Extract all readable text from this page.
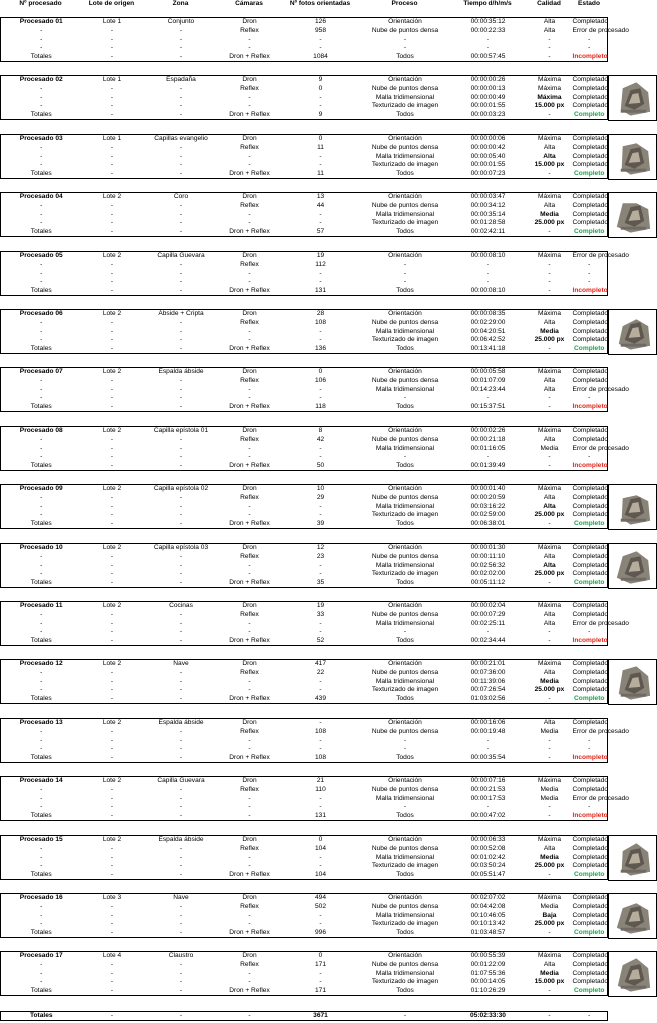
Nº procesado	Lote de origen	Zona	Cámaras	Nº fotos orientadas	Proceso	Tiempo d/h/m/s	Calidad	Estado
Procesado 01	Lote 1	Conjunto	Dron	126	Orientación	00:00:35:12	Alta	Completado
-	-	-	Reflex	958	Nube de puntos densa	00:00:22:33	Alta	Error de procesado
-	-	-	-	-	-	-	-	-
-	-	-	-	-	-	-	-	-
Totales	-	-	Dron + Reflex	1084	Todos	00:00:57:45	-	Incompleto
Procesado 02	Lote 1	Espadaña	Dron	9	Orientación	00:00:00:26	Máxima	Completado
-	-	-	Reflex	0	Nube de puntos densa	00:00:00:13	Máxima	Completado
-	-	-	-	-	Malla tridimensional	00:00:00:49	Máxima	Completado
-	-	-	-	-	Texturizado de imagen	00:00:01:55	15.000 px	Completado
Totales	-	-	Dron + Reflex	9	Todos	00:00:03:23	-	Completo
Procesado 03	Lote 1	Capillas evangelio	Dron	0	Orientación	00:00:00:06	Máxima	Completado
-	-	-	Reflex	11	Nube de puntos densa	00:00:00:42	Alta	Completado
-	-	-	-	-	Malla tridimensional	00:00:05:40	Alta	Completado
-	-	-	-	-	Texturizado de imagen	00:00:01:55	15.000 px	Completado
Totales	-	-	Dron + Reflex	11	Todos	00:00:07:23	-	Completo
Procesado 04	Lote 2	Coro	Dron	13	Orientación	00:00:03:47	Máxima	Completado
-	-	-	Reflex	44	Nube de puntos densa	00:00:34:12	Alta	Completado
-	-	-	-	-	Malla tridimensional	00:00:35:14	Media	Completado
-	-	-	-	-	Texturizado de imagen	00:01:28:58	25.000 px	Completado
Totales	-	-	Dron + Reflex	57	Todos	00:02:42:11	-	Completo
Procesado 05	Lote 2	Capilla Guevara	Dron	19	Orientación	00:00:08:10	Máxima	Error de procesado
-	-	-	Reflex	112	-	-	-	-
-	-	-	-	-	-	-	-	-
-	-	-	-	-	-	-	-	-
Totales	-	-	Dron + Reflex	131	Todos	00:00:08:10	-	Incompleto
Procesado 06	Lote 2	Ábside + Cripta	Dron	28	Orientación	00:00:08:35	Máxima	Completado
-	-	-	Reflex	108	Nube de puntos densa	00:02:29:00	Alta	Completado
-	-	-	-	-	Malla tridimensional	00:04:20:51	Media	Completado
-	-	-	-	-	Texturizado de imagen	00:06:42:52	25.000 px	Completado
Totales	-	-	Dron + Reflex	136	Todos	00:13:41:18	-	Completo
Procesado 07	Lote 2	Espalda ábside	Dron	0	Orientación	00:00:05:58	Máxima	Completado
-	-	-	Reflex	106	Nube de puntos densa	00:01:07:09	Alta	Completado
-	-	-	-	-	Malla tridimensional	00:14:23:44	Alta	Error de procesado
-	-	-	-	-	-	-	-	-
Totales	-	-	Dron + Reflex	118	Todos	00:15:37:51	-	Incompleto
Procesado 08	Lote 2	Capilla epístola 01	Dron	8	Orientación	00:00:02:26	Máxima	Completado
-	-	-	Reflex	42	Nube de puntos densa	00:00:21:18	Alta	Completado
-	-	-	-	-	Malla tridimensional	00:01:16:05	Media	Error de procesado
-	-	-	-	-	-	-	-	-
Totales	-	-	Dron + Reflex	50	Todos	00:01:39:49	-	Incompleto
Procesado 09	Lote 2	Capilla epístola 02	Dron	10	Orientación	00:00:01:40	Máxima	Completado
-	-	-	Reflex	29	Nube de puntos densa	00:00:20:59	Alta	Completado
-	-	-	-	-	Malla tridimensional	00:03:16:22	Alta	Completado
-	-	-	-	-	Texturizado de imagen	00:02:59:00	25.000 px	Completado
Totales	-	-	Dron + Reflex	39	Todos	00:06:38:01	-	Completo
Procesado 10	Lote 2	Capilla epístola 03	Dron	12	Orientación	00:00:01:30	Máxima	Completado
-	-	-	Reflex	23	Nube de puntos densa	00:00:11:10	Alta	Completado
-	-	-	-	-	Malla tridimensional	00:02:56:32	Alta	Completado
-	-	-	-	-	Texturizado de imagen	00:02:02:00	25.000 px	Completado
Totales	-	-	Dron + Reflex	35	Todos	00:05:11:12	-	Completo
Procesado 11	Lote 2	Cocinas	Dron	19	Orientación	00:00:02:04	Máxima	Completado
-	-	-	Reflex	33	Nube de puntos densa	00:00:07:29	Alta	Completado
-	-	-	-	-	Malla tridimensional	00:02:25:11	Alta	Error de procesado
-	-	-	-	-	-	-	-	-
Totales	-	-	Dron + Reflex	52	Todos	00:02:34:44	-	Incompleto
Procesado 12	Lote 2	Nave	Dron	417	Orientación	00:00:21:01	Máxima	Completado
-	-	-	Reflex	22	Nube de puntos densa	00:07:36:00	Alta	Completado
-	-	-	-	-	Malla tridimensional	00:11:39:06	Media	Completado
-	-	-	-	-	Texturizado de imagen	00:07:26:54	25.000 px	Completado
Totales	-	-	Dron + Reflex	439	Todos	01:03:02:56	-	Completo
Procesado 13	Lote 2	Espalda ábside	Dron	-	Orientación	00:00:16:06	Alta	Completado
-	-	-	Reflex	108	Nube de puntos densa	00:00:19:48	Media	Error de procesado
-	-	-	-	-	-	-	-	-
-	-	-	-	-	-	-	-	-
Totales	-	-	Dron + Reflex	108	Todos	00:00:35:54	-	Incompleto
Procesado 14	Lote 2	Capilla Guevara	Dron	21	Orientación	00:00:07:16	Máxima	Completado
-	-	-	Reflex	110	Nube de puntos densa	00:00:21:53	Media	Completado
-	-	-	-	-	Malla tridimensional	00:00:17:53	Media	Error de procesado
-	-	-	-	-	-	-	-	-
Totales	-	-	-	131	Todos	00:00:47:02	-	Incompleto
Procesado 15	Lote 2	Espalda ábside	Dron	0	Orientación	00:00:06:33	Máxima	Completado
-	-	-	Reflex	104	Nube de puntos densa	00:00:52:08	Alta	Completado
-	-	-	-	-	Malla tridimensional	00:01:02:42	Media	Completado
-	-	-	-	-	Texturizado de imagen	00:03:50:24	25.000 px	Completado
Totales	-	-	Dron + Reflex	104	Todos	00:05:51:47	-	Completo
Procesado 16	Lote 3	Nave	Dron	494	Orientación	00:02:07:02	Máxima	Completado
-	-	-	Reflex	502	Nube de puntos densa	00:04:42:08	Media	Completado
-	-	-	-	-	Malla tridimensional	00:10:46:05	Baja	Completado
-	-	-	-	-	Texturizado de imagen	00:10:13:42	25.000 px	Completado
Totales	-	-	Dron + Reflex	996	Todos	01:03:48:57	-	Completo
Procesado 17	Lote 4	Claustro	Dron	0	Orientación	00:00:55:39	Máxima	Completado
-	-	-	Reflex	171	Nube de puntos densa	00:01:22:09	Alta	Completado
-	-	-	-	-	Malla tridimensional	01:07:55:36	Media	Completado
-	-	-	-	-	Texturizado de imagen	00:00:14:05	15.000 px	Completado
Totales	-	-	Dron + Reflex	171	Todos	01:10:26:29	-	Completo
Totales	-	-	-	3671	-	05:02:33:30	-	-
